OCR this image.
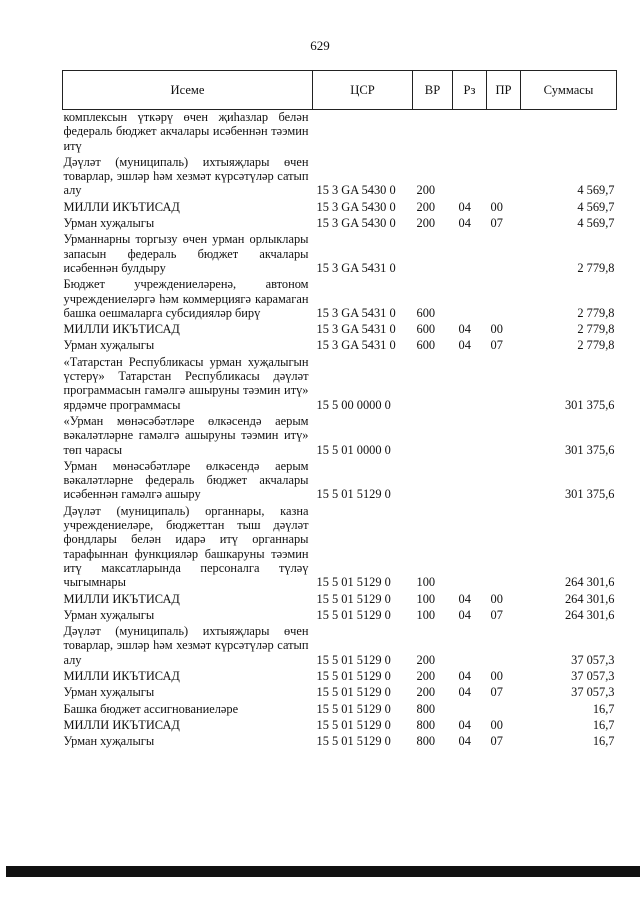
629
Исеме	ЦСР	ВР	Рз	ПР	Суммасы
комплексын үткәрү өчен җиһазлар белән федераль бюджет акчалары исәбеннән тәэмин итү					
Дәүләт (муниципаль) ихтыяҗлары өчен товарлар, эшләр һәм хезмәт күрсәтүләр сатып алу	15 3 GA 5430 0	200			4 569,7
МИЛЛИ ИКЪТИСАД	15 3 GA 5430 0	200	04	00	4 569,7
Урман хуҗалыгы	15 3 GA 5430 0	200	04	07	4 569,7
Урманнарны торгызу өчен урман орлыклары запасын федераль бюджет акчалары исәбеннән булдыру	15 3 GA 5431 0				2 779,8
Бюджет учреждениеләренә, автоном учреждениеләргә һәм коммерциягә карамаган башка оешмаларга субсидияләр бирү	15 3 GA 5431 0	600			2 779,8
МИЛЛИ ИКЪТИСАД	15 3 GA 5431 0	600	04	00	2 779,8
Урман хуҗалыгы	15 3 GA 5431 0	600	04	07	2 779,8
«Татарстан Республикасы урман хуҗалыгын үстерү» Татарстан Республикасы дәүләт программасын гамәлгә ашыруны тәэмин итү» ярдәмче программасы	15 5 00 0000 0				301 375,6
«Урман мөнәсәбәтләре өлкәсендә аерым вәкаләтләрне гамәлгә ашыруны тәэмин итү» төп чарасы	15 5 01 0000 0				301 375,6
Урман мөнәсәбәтләре өлкәсендә аерым вәкаләтләрне федераль бюджет акчалары исәбеннән гамәлгә ашыру	15 5 01 5129 0				301 375,6
Дәүләт (муниципаль) органнары, казна учреждениеләре, бюджеттан тыш дәүләт фондлары белән идарә итү органнары тарафыннан функцияләр башкаруны тәэмин итү максатларында персоналга түләү чыгымнары	15 5 01 5129 0	100			264 301,6
МИЛЛИ ИКЪТИСАД	15 5 01 5129 0	100	04	00	264 301,6
Урман хуҗалыгы	15 5 01 5129 0	100	04	07	264 301,6
Дәүләт (муниципаль) ихтыяҗлары өчен товарлар, эшләр һәм хезмәт күрсәтүләр сатып алу	15 5 01 5129 0	200			37 057,3
МИЛЛИ ИКЪТИСАД	15 5 01 5129 0	200	04	00	37 057,3
Урман хуҗалыгы	15 5 01 5129 0	200	04	07	37 057,3
Башка бюджет ассигнованиеләре	15 5 01 5129 0	800			16,7
МИЛЛИ ИКЪТИСАД	15 5 01 5129 0	800	04	00	16,7
Урман хуҗалыгы	15 5 01 5129 0	800	04	07	16,7
